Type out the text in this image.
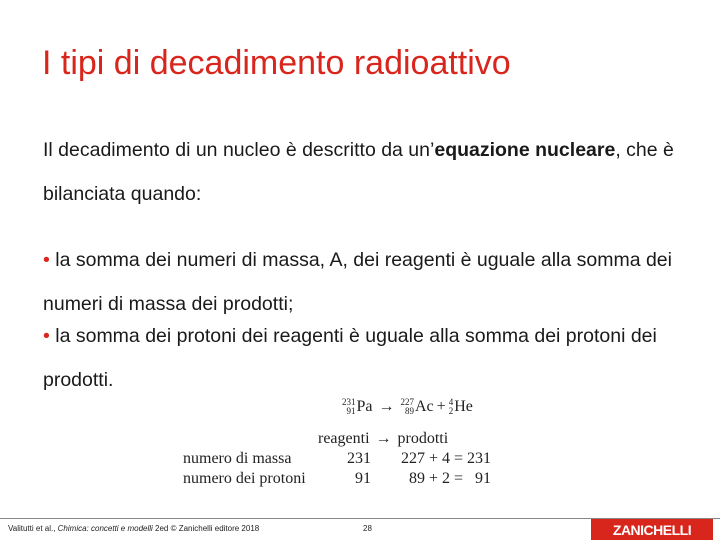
I tipi di decadimento radioattivo
Il decadimento di un nucleo è descritto da un’equazione nucleare, che è bilanciata quando:
• la somma dei numeri di massa, A, dei reagenti è uguale alla somma dei numeri di massa dei prodotti;
• la somma dei protoni dei reagenti è uguale alla somma dei protoni dei prodotti.
231
91 Pa → 227
89 Ac + 4
2 He
reagenti → prodotti
numero di massa	231	227 + 4 = 231
numero dei protoni	91	89 + 2 =   91
Valitutti et al., Chimica: concetti e modelli 2ed © Zanichelli editore 2018	28	ZANICHELLI
